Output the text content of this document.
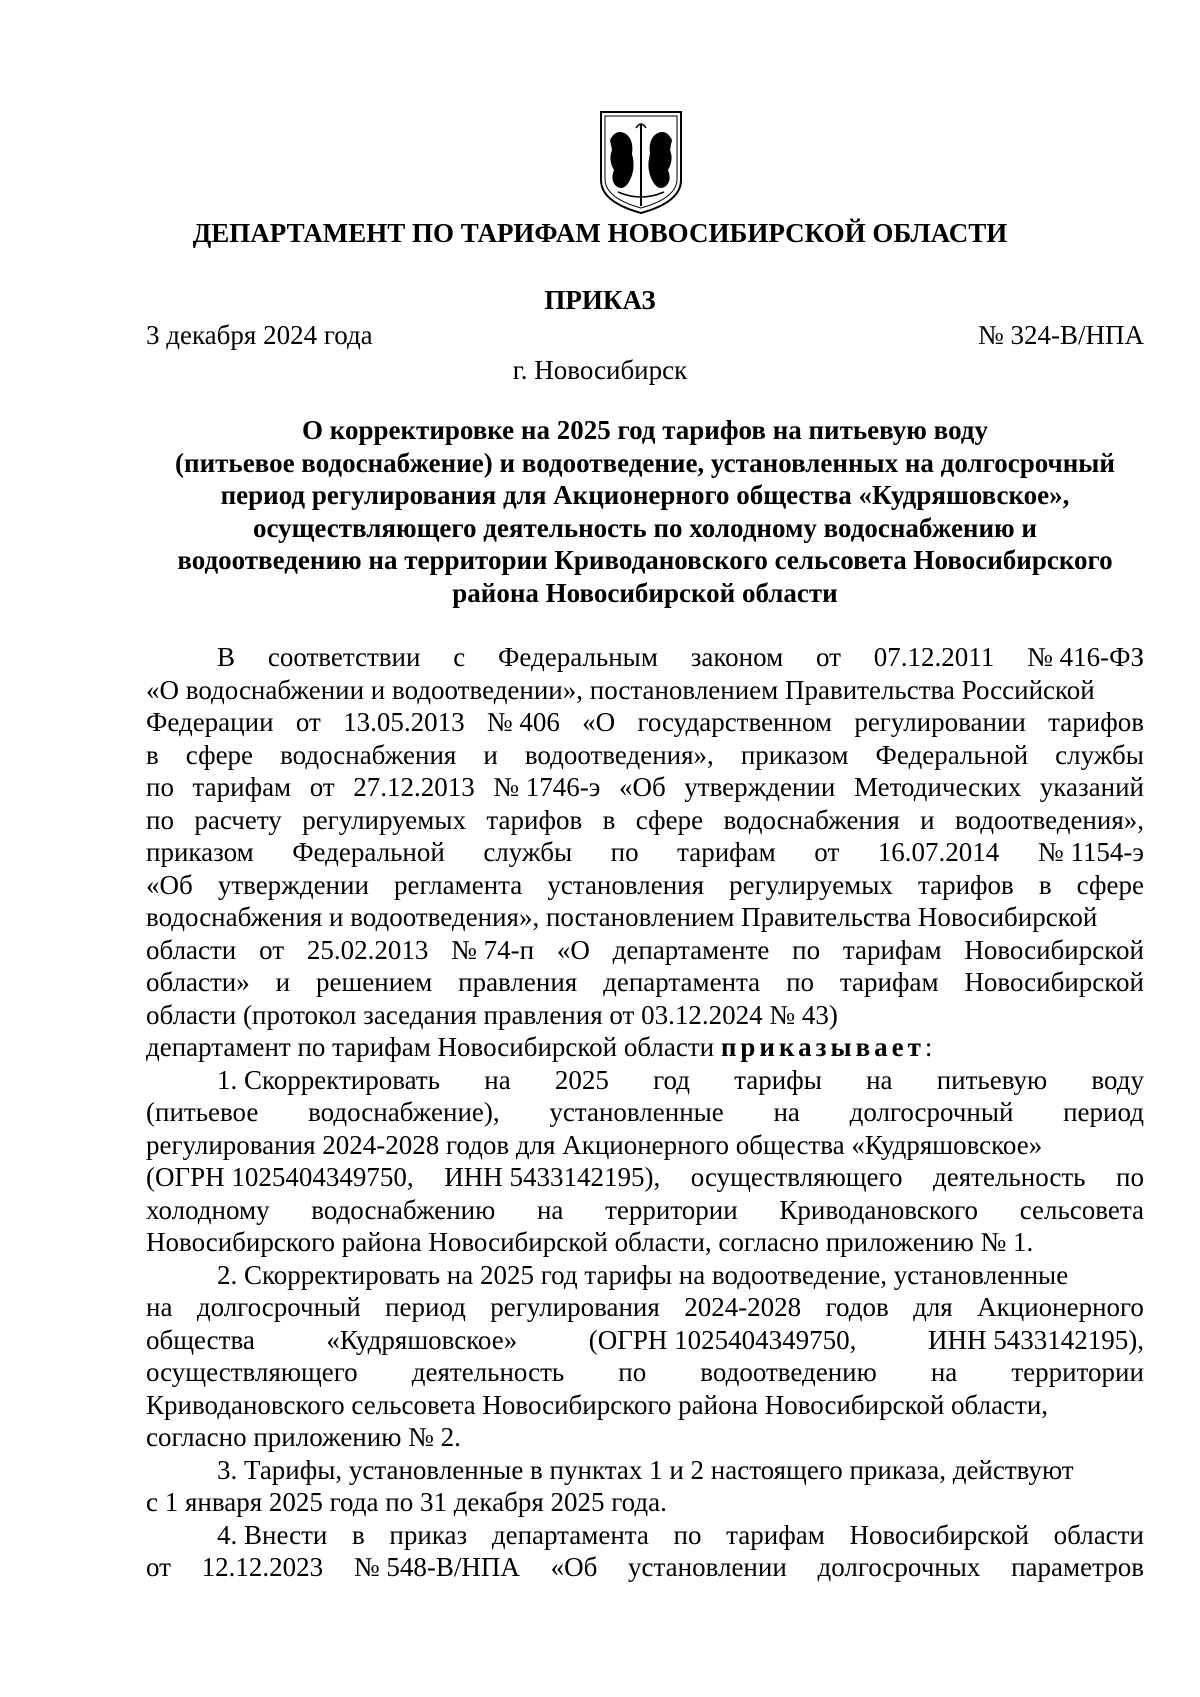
ДЕПАРТАМЕНТ ПО ТАРИФАМ НОВОСИБИРСКОЙ ОБЛАСТИ
ПРИКАЗ
3 декабря 2024 года	№ 324-В/НПА
г. Новосибирск
О корректировке на 2025 год тарифов на питьевую воду
(питьевое водоснабжение) и водоотведение, установленных на долгосрочный
период регулирования для Акционерного общества «Кудряшовское»,
осуществляющего деятельность по холодному водоснабжению и
водоотведению на территории Криводановского сельсовета Новосибирского
района Новосибирской области
В соответствии с Федеральным законом от 07.12.2011 № 416-ФЗ
«О водоснабжении и водоотведении», постановлением Правительства Российской
Федерации от 13.05.2013 № 406 «О государственном регулировании тарифов
в сфере водоснабжения и водоотведения», приказом Федеральной службы
по тарифам от 27.12.2013 № 1746-э «Об утверждении Методических указаний
по расчету регулируемых тарифов в сфере водоснабжения и водоотведения»,
приказом Федеральной службы по тарифам от 16.07.2014 № 1154-э
«Об утверждении регламента установления регулируемых тарифов в сфере
водоснабжения и водоотведения», постановлением Правительства Новосибирской
области от 25.02.2013 № 74-п «О департаменте по тарифам Новосибирской
области» и решением правления департамента по тарифам Новосибирской
области (протокол заседания правления от 03.12.2024 № 43)
департамент по тарифам Новосибирской области приказывает:
1. Скорректировать на 2025 год тарифы на питьевую воду
(питьевое водоснабжение), установленные на долгосрочный период
регулирования 2024-2028 годов для Акционерного общества «Кудряшовское»
(ОГРН 1025404349750, ИНН 5433142195), осуществляющего деятельность по
холодному водоснабжению на территории Криводановского сельсовета
Новосибирского района Новосибирской области, согласно приложению № 1.
2. Скорректировать на 2025 год тарифы на водоотведение, установленные
на долгосрочный период регулирования 2024-2028 годов для Акционерного
общества	«Кудряшовское»	(ОГРН 1025404349750,	ИНН 5433142195),
осуществляющего деятельность по водоотведению на территории
Криводановского сельсовета Новосибирского района Новосибирской области,
согласно приложению № 2.
3. Тарифы, установленные в пунктах 1 и 2 настоящего приказа, действуют
с 1 января 2025 года по 31 декабря 2025 года.
4. Внести в приказ департамента по тарифам Новосибирской области
от 12.12.2023 № 548-В/НПА «Об установлении долгосрочных параметров
